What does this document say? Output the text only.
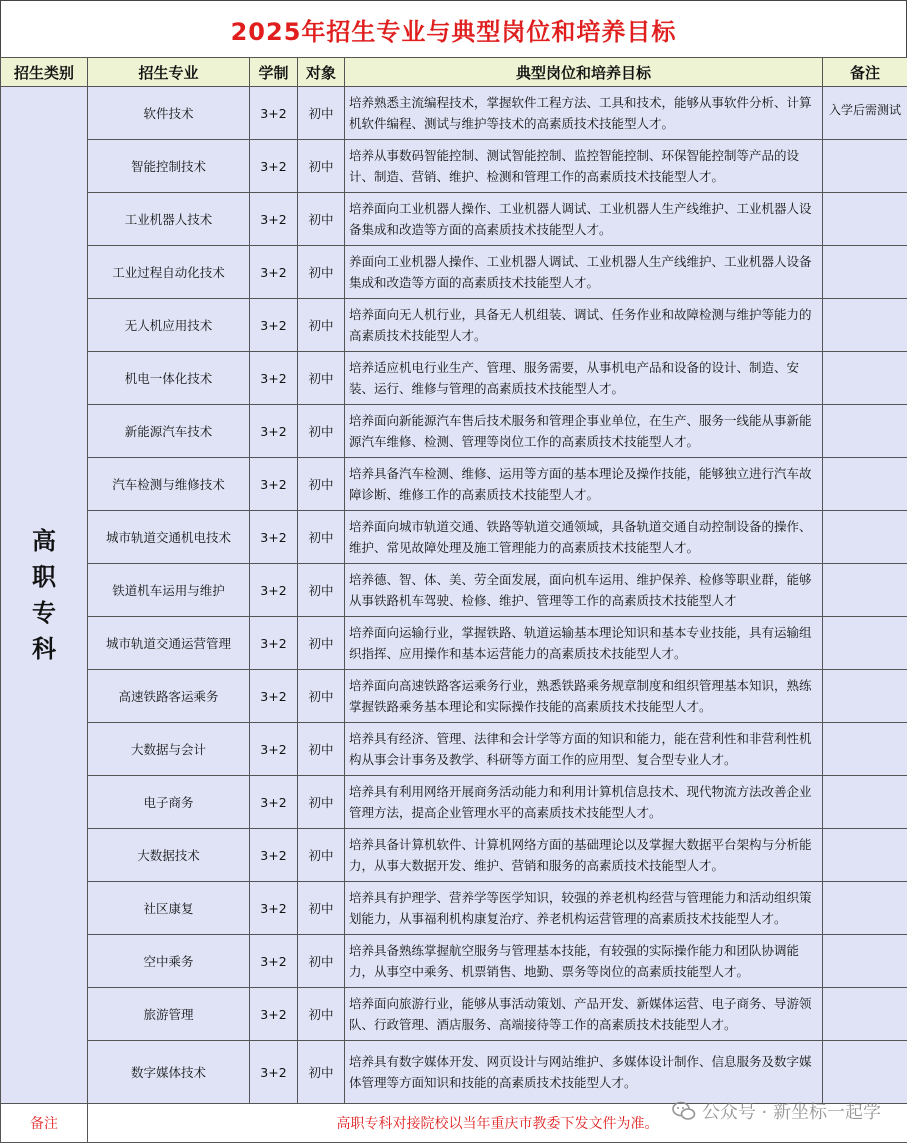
2025年招生专业与典型岗位和培养目标
招生类别	招生专业	学制	对象	典型岗位和培养目标	备注

高
职
专
科	软件技术	3+2	初中	培养熟悉主流编程技术，掌握软件工程方法、工具和技术，能够从事软件分析、计算机软件编程、测试与维护等技术的高素质技术技能型人才。	入学后需测试
	智能控制技术	3+2	初中	培养从事数码智能控制、测试智能控制、监控智能控制、环保智能控制等产品的设计、制造、营销、维护、检测和管理工作的高素质技术技能型人才。	
	工业机器人技术	3+2	初中	培养面向工业机器人操作、工业机器人调试、工业机器人生产线维护、工业机器人设备集成和改造等方面的高素质技术技能型人才。	
	工业过程自动化技术	3+2	初中	养面向工业机器人操作、工业机器人调试、工业机器人生产线维护、工业机器人设备集成和改造等方面的高素质技术技能型人才。	
	无人机应用技术	3+2	初中	培养面向无人机行业，具备无人机组装、调试、任务作业和故障检测与维护等能力的高素质技术技能型人才。	
	机电一体化技术	3+2	初中	培养适应机电行业生产、管理、服务需要，从事机电产品和设备的设计、制造、安装、运行、维修与管理的高素质技术技能型人才。	
	新能源汽车技术	3+2	初中	培养面向新能源汽车售后技术服务和管理企事业单位，在生产、服务一线能从事新能源汽车维修、检测、管理等岗位工作的高素质技术技能型人才。	
	汽车检测与维修技术	3+2	初中	培养具备汽车检测、维修、运用等方面的基本理论及操作技能，能够独立进行汽车故障诊断、维修工作的高素质技术技能型人才。	
	城市轨道交通机电技术	3+2	初中	培养面向城市轨道交通、铁路等轨道交通领域，具备轨道交通自动控制设备的操作、维护、常见故障处理及施工管理能力的高素质技术技能型人才。	
	铁道机车运用与维护	3+2	初中	培养德、智、体、美、劳全面发展，面向机车运用、维护保养、检修等职业群，能够从事铁路机车驾驶、检修、维护、管理等工作的高素质技术技能型人才	
	城市轨道交通运营管理	3+2	初中	培养面向运输行业，掌握铁路、轨道运输基本理论知识和基本专业技能，具有运输组织指挥、应用操作和基本运营能力的高素质技术技能型人才。	
	高速铁路客运乘务	3+2	初中	培养面向高速铁路客运乘务行业，熟悉铁路乘务规章制度和组织管理基本知识，熟练掌握铁路乘务基本理论和实际操作技能的高素质技术技能型人才。	
	大数据与会计	3+2	初中	培养具有经济、管理、法律和会计学等方面的知识和能力，能在营利性和非营利性机构从事会计事务及教学、科研等方面工作的应用型、复合型专业人才。	
	电子商务	3+2	初中	培养具有利用网络开展商务活动能力和利用计算机信息技术、现代物流方法改善企业管理方法，提高企业管理水平的高素质技术技能型人才。	
	大数据技术	3+2	初中	培养具备计算机软件、计算机网络方面的基础理论以及掌握大数据平台架构与分析能力，从事大数据开发、维护、营销和服务的高素质技术技能型人才。	
	社区康复	3+2	初中	培养具有护理学、营养学等医学知识，较强的养老机构经营与管理能力和活动组织策划能力，从事福利机构康复治疗、养老机构运营管理的高素质技术技能型人才。	
	空中乘务	3+2	初中	培养具备熟练掌握航空服务与管理基本技能，有较强的实际操作能力和团队协调能力，从事空中乘务、机票销售、地勤、票务等岗位的高素质技能型人才。	
	旅游管理	3+2	初中	培养面向旅游行业，能够从事活动策划、产品开发、新媒体运营、电子商务、导游领队、行政管理、酒店服务、高端接待等工作的高素质技术技能型人才。	
	数字媒体技术	3+2	初中	培养具有数字媒体开发、网页设计与网站维护、多媒体设计制作、信息服务及数字媒体管理等方面知识和技能的高素质技术技能型人才。	
备注	高职专科对接院校以当年重庆市教委下发文件为准。				
公众号 · 新坐标一起学
